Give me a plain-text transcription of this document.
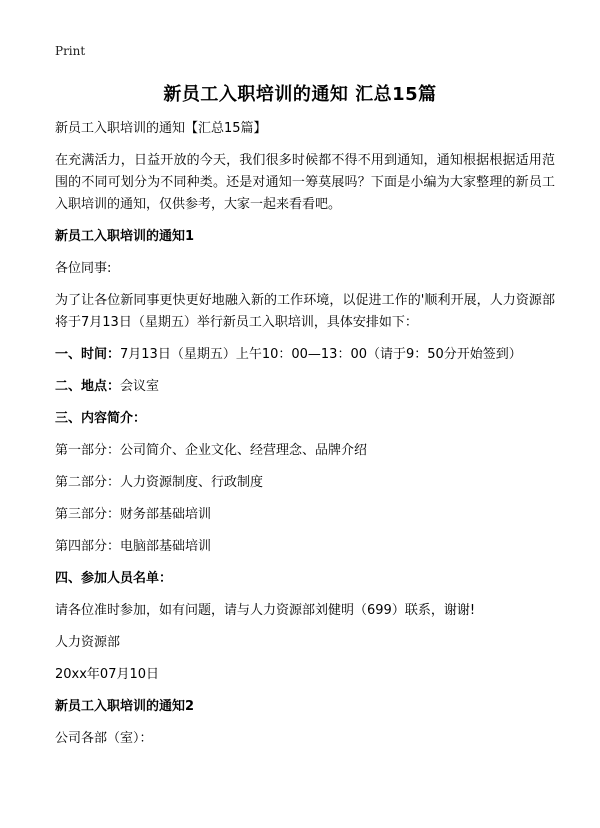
Print
新员工入职培训的通知 汇总15篇

新员工入职培训的通知【汇总15篇】

在充满活力，日益开放的今天，我们很多时候都不得不用到通知，通知根据根据适用范围的不同可划分为不同种类。还是对通知一筹莫展吗？下面是小编为大家整理的新员工入职培训的通知，仅供参考，大家一起来看看吧。

新员工入职培训的通知1

各位同事:

为了让各位新同事更快更好地融入新的工作环境，以促进工作的'顺利开展，人力资源部将于7月13日（星期五）举行新员工入职培训，具体安排如下：

一、时间：7月13日（星期五）上午10：00—13：00（请于9：50分开始签到）

二、地点：会议室

三、内容简介：

第一部分：公司简介、企业文化、经营理念、品牌介绍

第二部分：人力资源制度、行政制度

第三部分：财务部基础培训

第四部分：电脑部基础培训

四、参加人员名单：

请各位准时参加，如有问题，请与人力资源部刘健明（699）联系，谢谢!

人力资源部

20xx年07月10日

新员工入职培训的通知2

公司各部（室）：
